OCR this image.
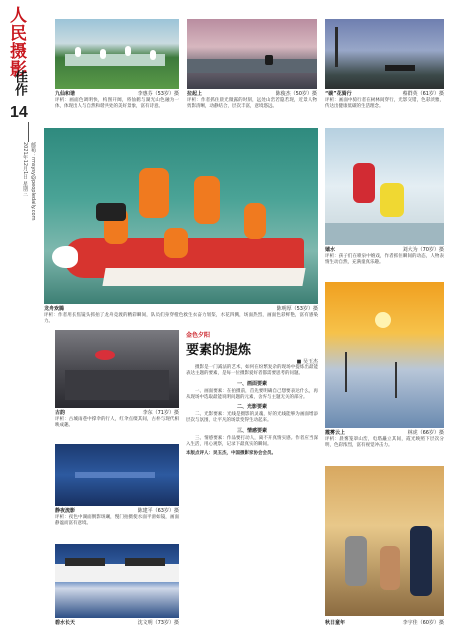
人民摄影
佳作
14
2021年12月1日 星期三 邮箱：rmsysy@peopledaily.com
九仙和谐	李惠芬（53岁）摄
评析：画面色调明快，构图开阔，将仙鹤与湖光山色融为一体，体现出人与自然和谐共处的美好景象，富有诗意。
拉起上	陈俊杰（50岁）摄
评析：作者抓住晨光微露的时刻，远处山峦若隐若现，近景人物剪影清晰，动静结合，层次丰富，意境悠远。
“碳”花骑行	蔡群英（61岁）摄
评析：画面中骑行者在树林间穿行，光影交错，色彩淡雅，传达出健康低碳的生活理念。
龙舟欢腾	陈明厚（53岁）摄
评析：作者用长焦镜头抓拍了龙舟竞渡的精彩瞬间，队员们身穿橙色救生衣奋力划桨，水花四溅，场面热烈，画面色彩鲜艳，富有感染力。
嬉水	刘大为（70岁）摄
评析：孩子们在喷泉中嬉戏，作者抓住瞬间的动态，人物表情生动自然，充满童真乐趣。
金色夕阳
要素的提炼
■ 吴玉杰
摄影是一门减法的艺术，如何在纷繁复杂的现场中提炼出最能表达主题的要素，是每一位摄影爱好者都需要思考的问题。
一、画面要素
一、画面要素：在拍摄前，首先要明确自己想要表达什么，再从现场中选取最能说明问题的元素，舍弃与主题无关的部分。
二、光影要素
二、光影要素：光线是摄影的灵魂，好的光线能够为画面增添层次与氛围，让平凡的场景变得生动起来。
三、情感要素
三、情感要素：作品要打动人，离不开真情实感。作者应当深入生活，用心观察，记录下最真实的瞬间。
本版点评人：吴玉杰，中国摄影家协会会员。
古韵	李东（71岁）摄
评析：古城雨巷中撑伞的行人，红伞点缀其间，古朴与现代相映成趣。
静夜流影	陈建平（63岁）摄
评析：夜色中湖面倒影斑斓，慢门拍摄使水面平滑如镜，画面静谧而富有意境。
碧水长天	沈文明（73岁）摄
霞雾云上	林虎（66岁）摄
评析：晨雾笼罩山峦，电塔矗立其间，霞光映照下层次分明，色彩浓烈，富有视觉冲击力。
秋日童年	李宇佳（60岁）摄
